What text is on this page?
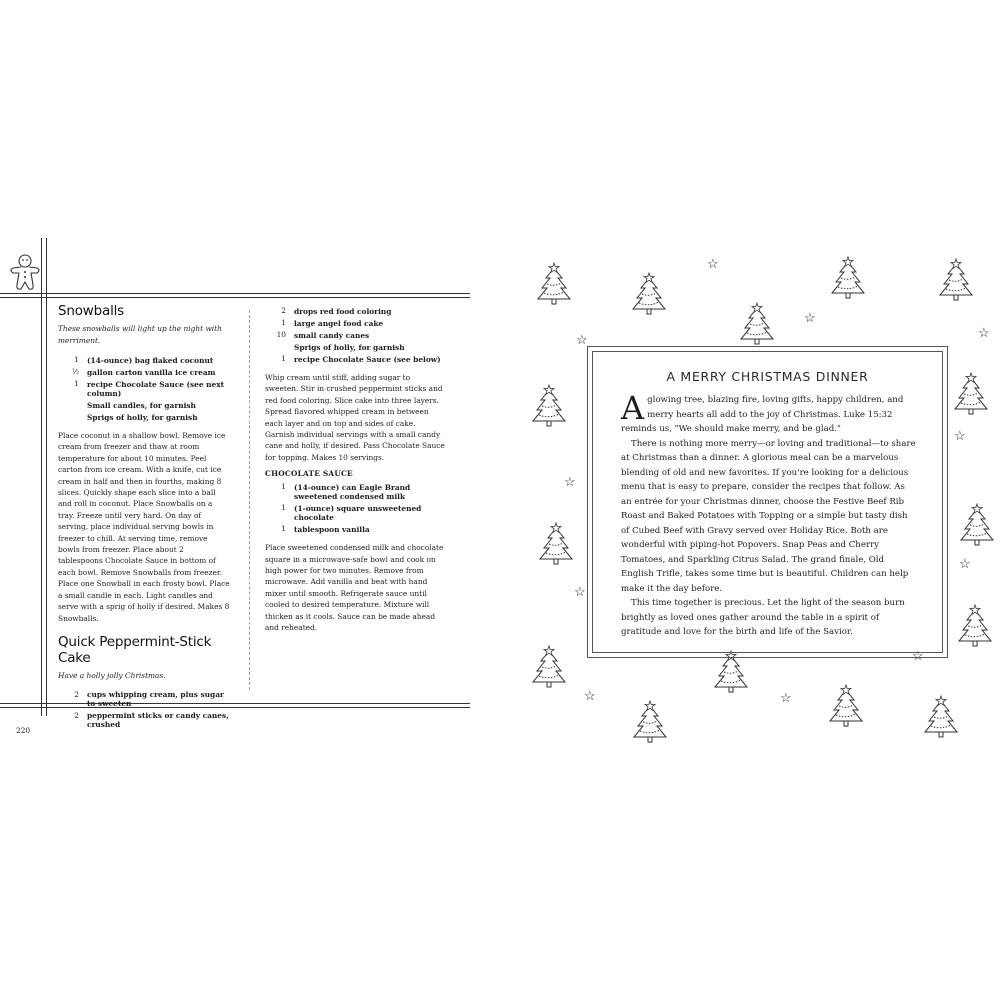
Snowballs

These snowballs will light up the night with merriment.

1	(14-ounce) bag flaked coconut
½	gallon carton vanilla ice cream
1	recipe Chocolate Sauce (see next column)
Small candles, for garnish
Sprigs of holly, for garnish

Place coconut in a shallow bowl. Remove ice cream from freezer and thaw at room temperature for about 10 minutes. Peel carton from ice cream. With a knife, cut ice cream in half and then in fourths, making 8 slices. Quickly shape each slice into a ball and roll in coconut. Place Snowballs on a tray. Freeze until very hard. On day of serving, place individual serving bowls in freezer to chill. At serving time, remove bowls from freezer. Place about 2 tablespoons Chocolate Sauce in bottom of each bowl. Remove Snowballs from freezer. Place one Snowball in each frosty bowl. Place a small candle in each. Light candles and serve with a sprig of holly if desired. Makes 8 Snowballs.

Quick Peppermint-Stick Cake

Have a holly jolly Christmas.

2	cups whipping cream, plus sugar to sweeten
2	peppermint sticks or candy canes, crushed
2	drops red food coloring
1	large angel food cake
10	small candy canes
Sprigs of holly, for garnish
1	recipe Chocolate Sauce (see below)

Whip cream until stiff, adding sugar to sweeten. Stir in crushed peppermint sticks and red food coloring. Slice cake into three layers. Spread flavored whipped cream in between each layer and on top and sides of cake. Garnish individual servings with a small candy cane and holly, if desired. Pass Chocolate Sauce for topping. Makes 10 servings.

CHOCOLATE SAUCE
1	(14-ounce) can Eagle Brand sweetened condensed milk
1	(1-ounce) square unsweetened chocolate
1	tablespoon vanilla

Place sweetened condensed milk and chocolate square in a microwave-safe bowl and cook on high power for two minutes. Remove from microwave. Add vanilla and beat with hand mixer until smooth. Refrigerate sauce until cooled to desired temperature. Mixture will thicken as it cools. Sauce can be made ahead and reheated.

220
☆
☆
☆	☆
☆
☆
☆
☆
☆
☆	☆
A MERRY CHRISTMAS DINNER

Aglowing tree, blazing fire, loving gifts, happy children, and merry hearts all add to the joy of Christmas. Luke 15:32 reminds us, "We should make merry, and be glad."

There is nothing more merry—or loving and traditional—to share at Christmas than a dinner. A glorious meal can be a marvelous blending of old and new favorites. If you're looking for a delicious menu that is easy to prepare, consider the recipes that follow. As an entrée for your Christmas dinner, choose the Festive Beef Rib Roast and Baked Potatoes with Topping or a simple but tasty dish of Cubed Beef with Gravy served over Holiday Rice. Both are wonderful with piping-hot Popovers. Snap Peas and Cherry Tomatoes, and Sparkling Citrus Salad. The grand finale, Old English Trifle, takes some time but is beautiful. Children can help make it the day before.

This time together is precious. Let the light of the season burn brightly as loved ones gather around the table in a spirit of gratitude and love for the birth and life of the Savior.
